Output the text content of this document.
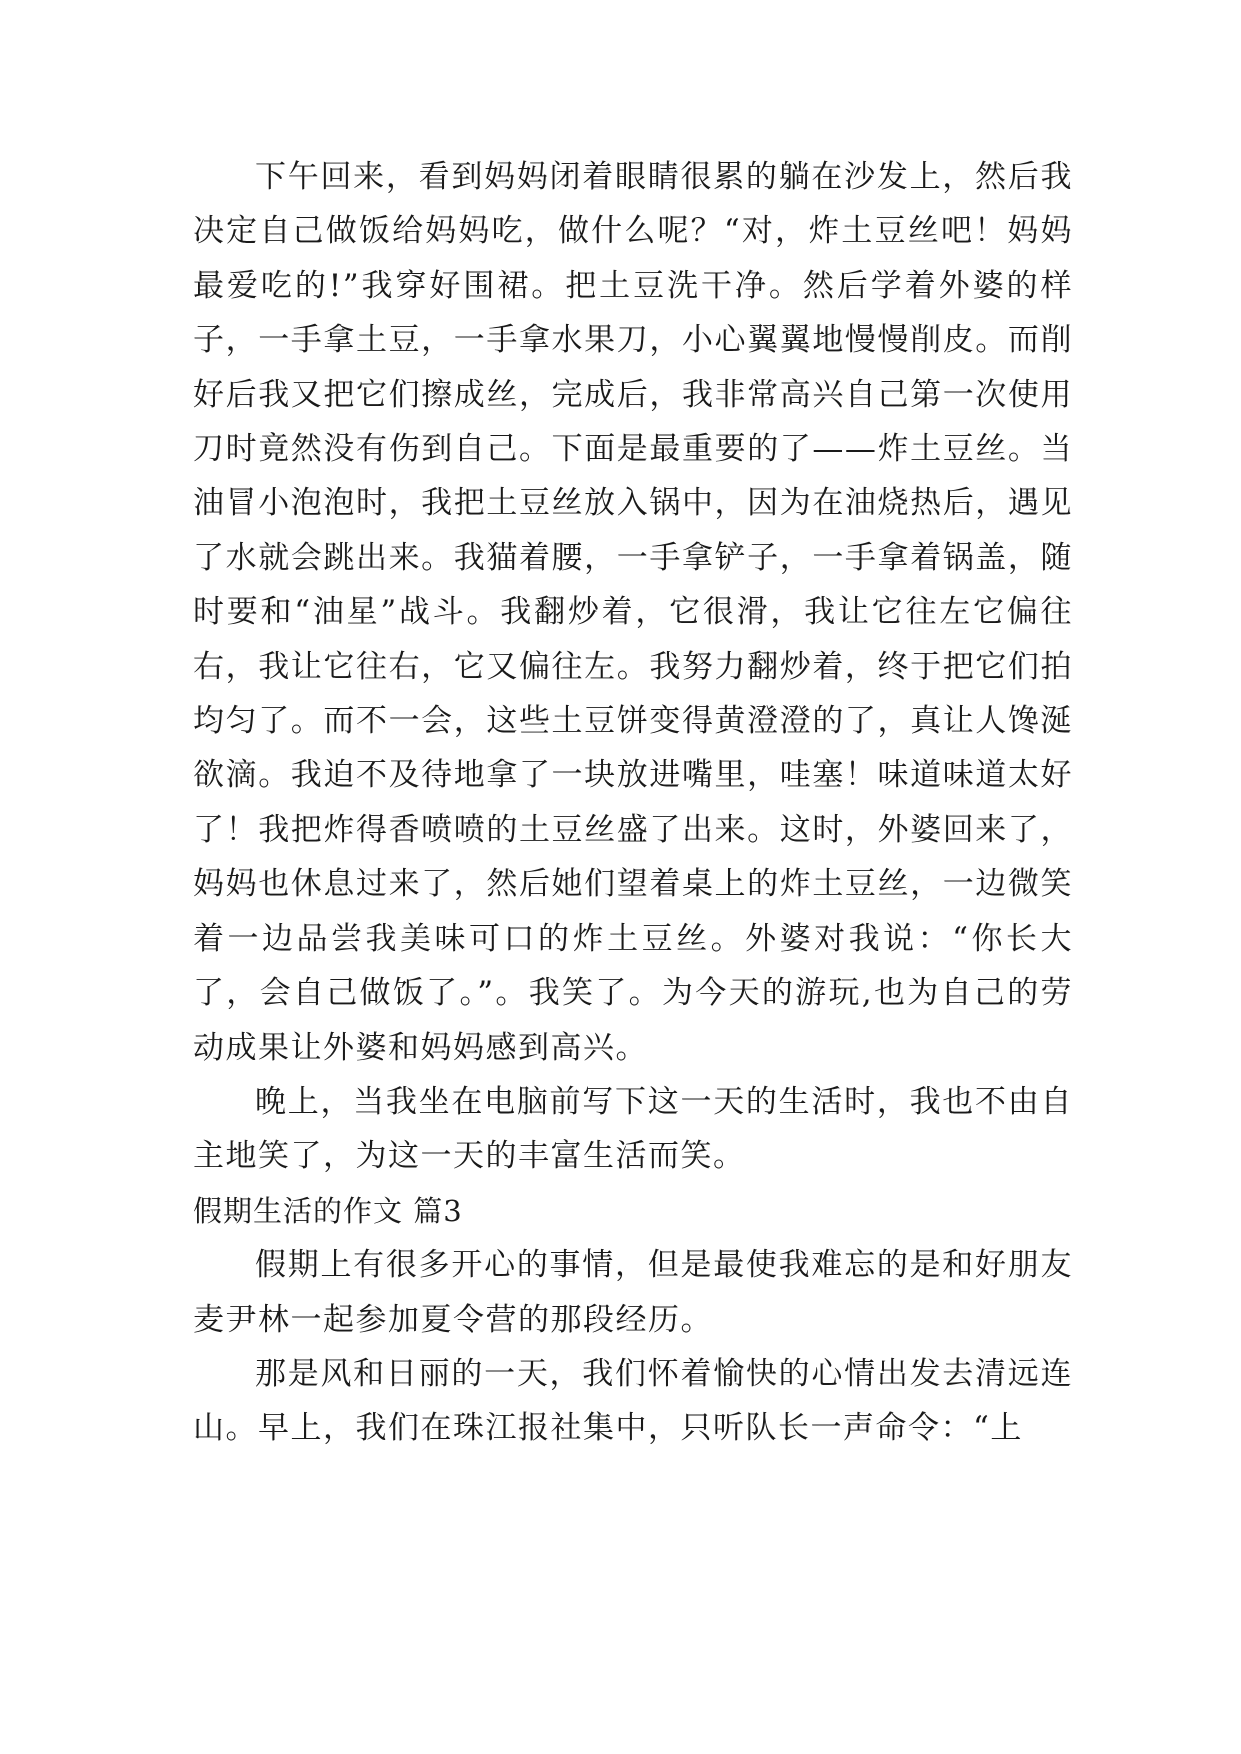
下午回来，看到妈妈闭着眼睛很累的躺在沙发上，然后我决定自己做饭给妈妈吃，做什么呢？“对，炸土豆丝吧！妈妈最爱吃的!”我穿好围裙。把土豆洗干净。然后学着外婆的样子，一手拿土豆，一手拿水果刀，小心翼翼地慢慢削皮。而削好后我又把它们擦成丝，完成后，我非常高兴自己第一次使用刀时竟然没有伤到自己。下面是最重要的了——炸土豆丝。当油冒小泡泡时，我把土豆丝放入锅中，因为在油烧热后，遇见了水就会跳出来。我猫着腰，一手拿铲子，一手拿着锅盖，随时要和“油星”战斗。我翻炒着，它很滑，我让它往左它偏往右，我让它往右，它又偏往左。我努力翻炒着，终于把它们拍均匀了。而不一会，这些土豆饼变得黄澄澄的了，真让人馋涎欲滴。我迫不及待地拿了一块放进嘴里，哇塞！味道味道太好了！我把炸得香喷喷的土豆丝盛了出来。这时，外婆回来了，妈妈也休息过来了，然后她们望着桌上的炸土豆丝，一边微笑着一边品尝我美味可口的炸土豆丝。外婆对我说：“你长大了，会自己做饭了。”。我笑了。为今天的游玩,也为自己的劳动成果让外婆和妈妈感到高兴。

晚上，当我坐在电脑前写下这一天的生活时，我也不由自主地笑了，为这一天的丰富生活而笑。

假期生活的作文 篇3

假期上有很多开心的事情，但是最使我难忘的是和好朋友麦尹林一起参加夏令营的那段经历。

那是风和日丽的一天，我们怀着愉快的心情出发去清远连山。早上，我们在珠江报社集中，只听队长一声命令：“上
